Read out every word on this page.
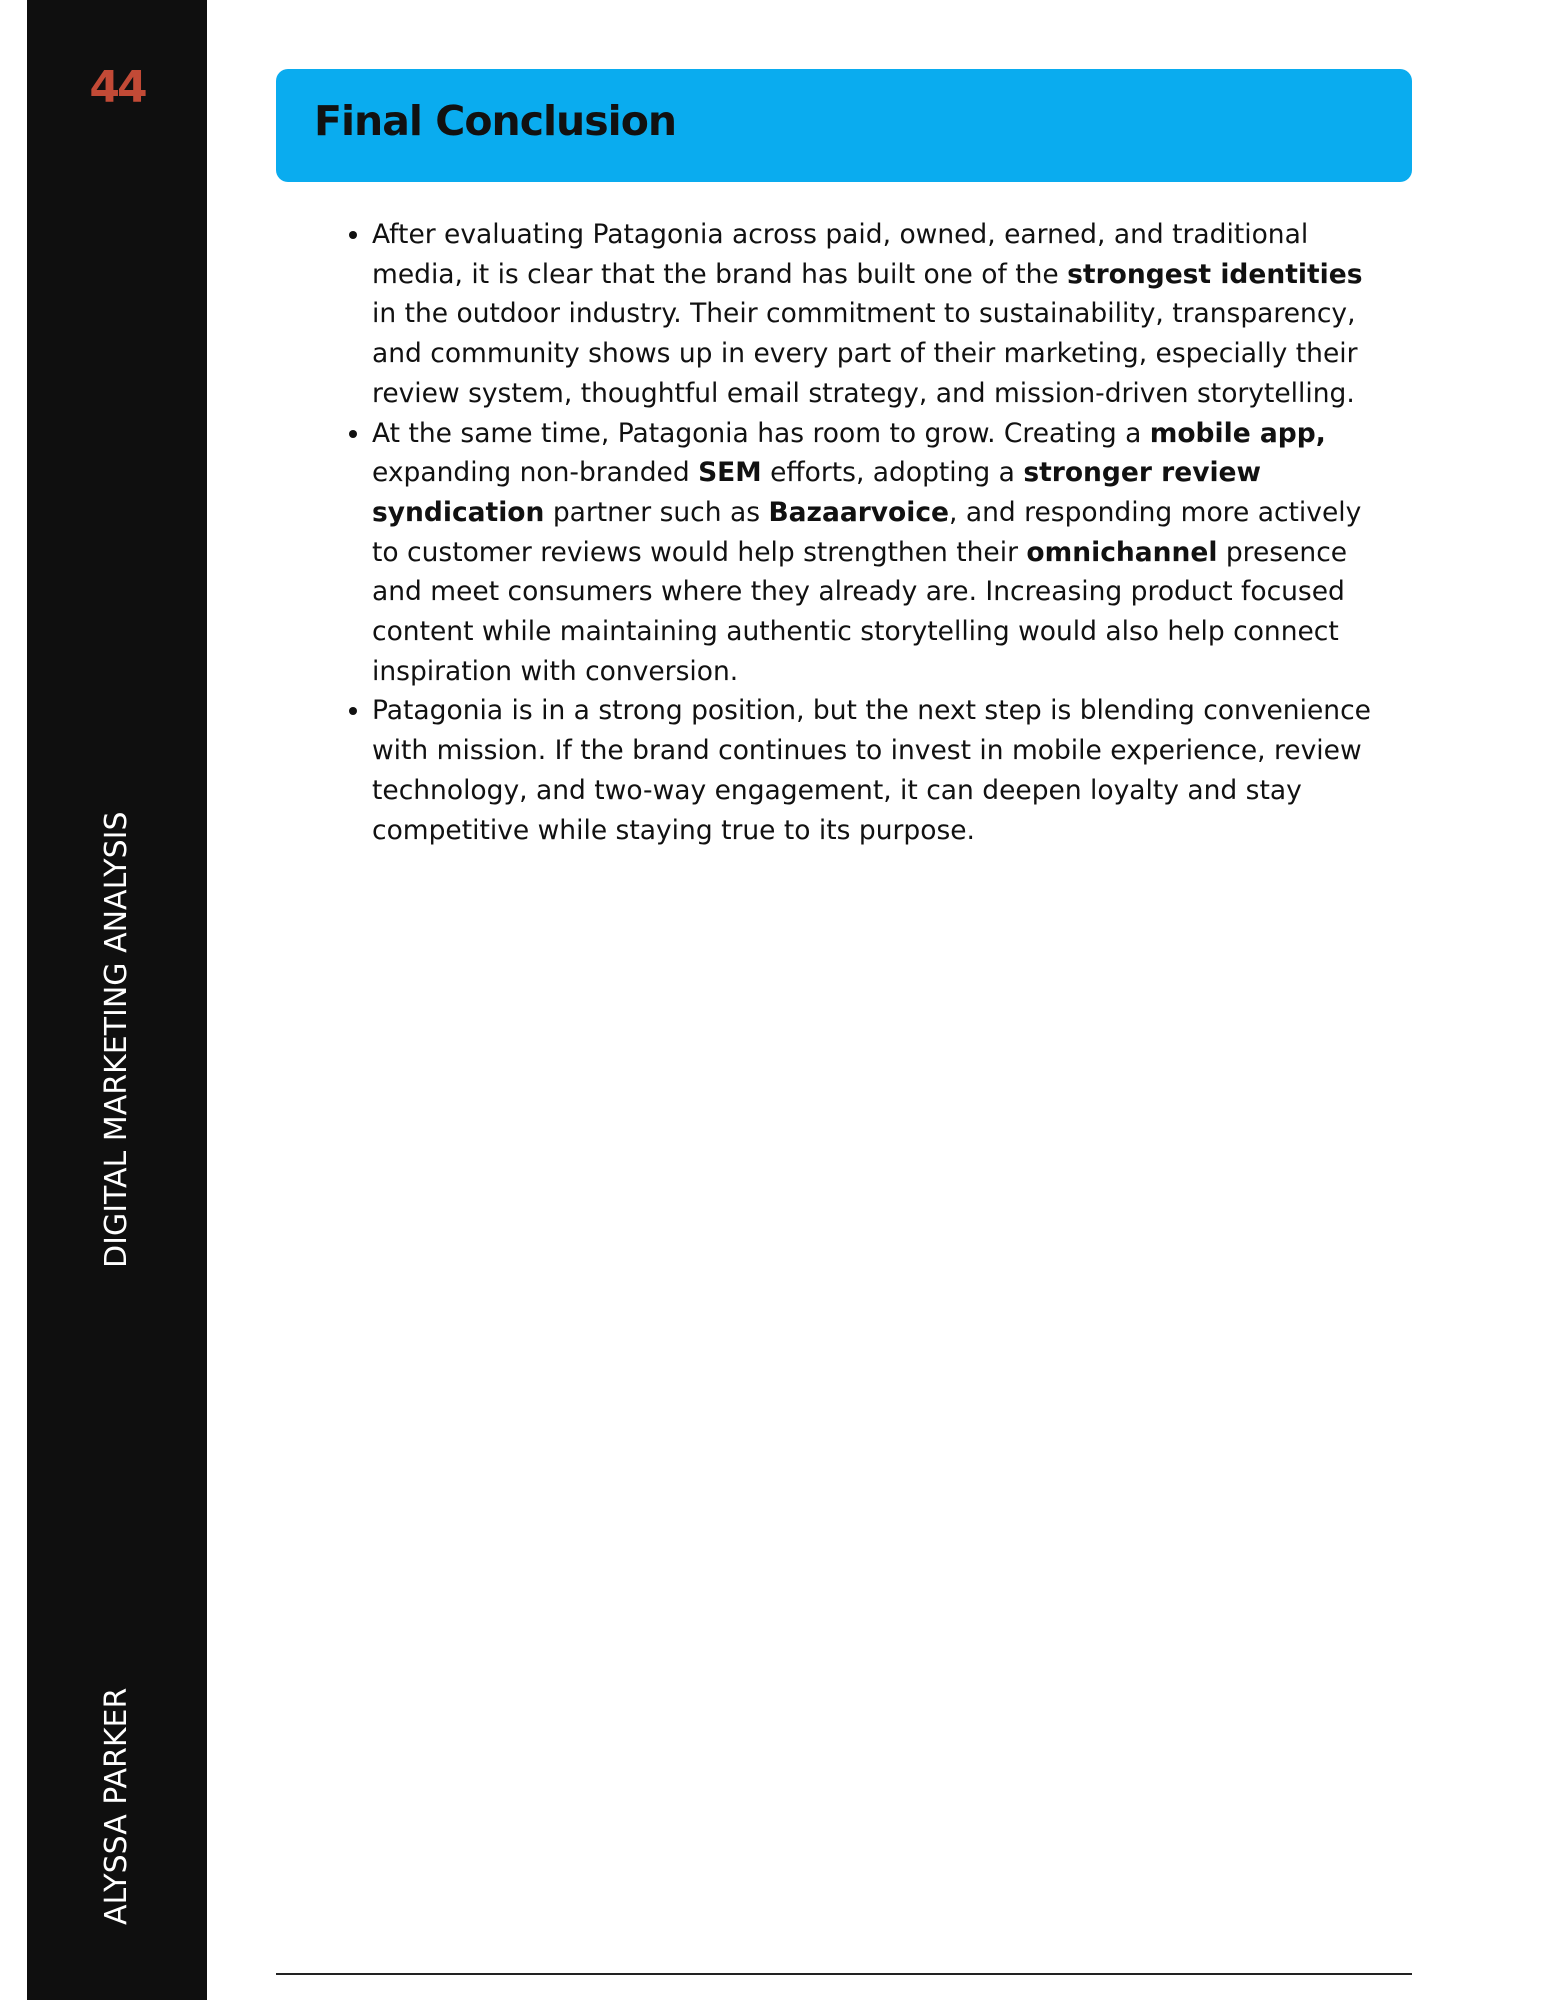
44
DIGITAL MARKETING ANALYSIS
ALYSSA PARKER
Final Conclusion
• After evaluating Patagonia across paid, owned, earned, and traditional media, it is clear that the brand has built one of the strongest identities in the outdoor industry. Their commitment to sustainability, transparency, and community shows up in every part of their marketing, especially their review system, thoughtful email strategy, and mission-driven storytelling.
• At the same time, Patagonia has room to grow. Creating a mobile app, expanding non-branded SEM efforts, adopting a stronger review syndication partner such as Bazaarvoice, and responding more actively to customer reviews would help strengthen their omnichannel presence and meet consumers where they already are. Increasing product focused content while maintaining authentic storytelling would also help connect inspiration with conversion.
• Patagonia is in a strong position, but the next step is blending convenience with mission. If the brand continues to invest in mobile experience, review technology, and two-way engagement, it can deepen loyalty and stay competitive while staying true to its purpose.
